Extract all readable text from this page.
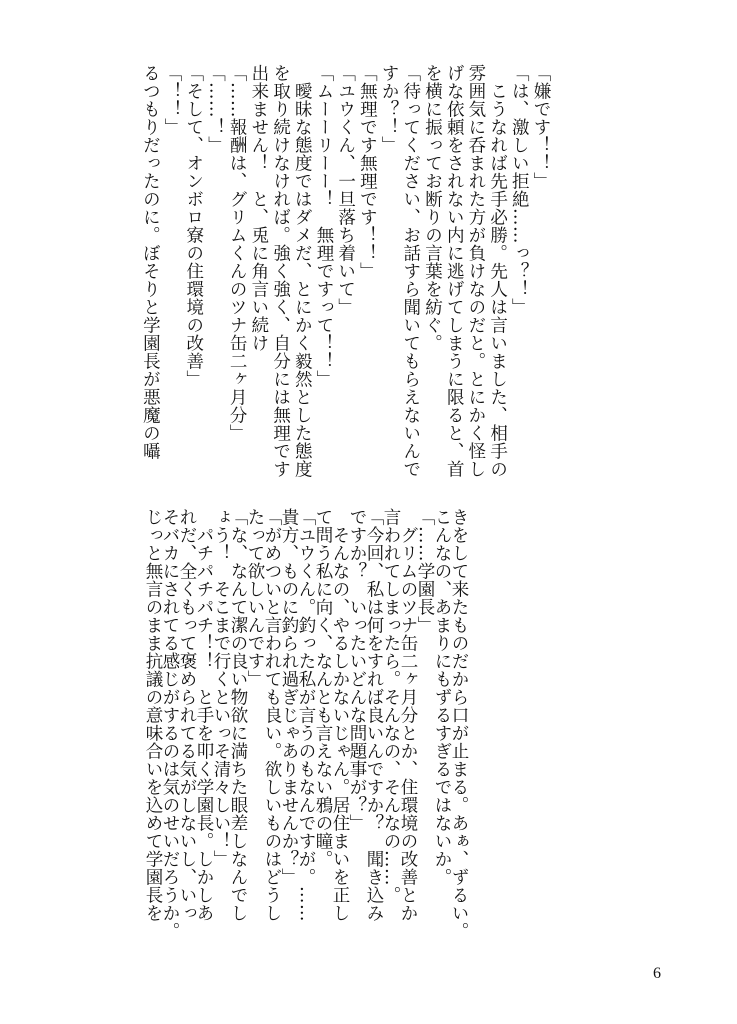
「嫌です！！」
「は、激しい拒絶……っ？！」
　こうなれば先手必勝。先人は言いました、相手の
雰囲気に呑まれた方が負けなのだと。とにかく怪し
げな依頼をされない内に逃げてしまうに限ると、首
を横に振ってお断りの言葉を紡ぐ。
「待ってください、お話すら聞いてもらえないんで
すか？！」
「無理です無理です！！」
「ユウくん、一旦落ち着いて」
「ムーーリーー！　無理ですって！！」
　曖昧な態度ではダメだ、とにかく毅然とした態度
を取り続けなければ。強く強く、自分には無理です
出来ません！　と、兎に角言い続け
「……報酬は、グリムくんのツナ缶二ヶ月分」
「……！」
「そして、オンボロ寮の住環境の改善」
「！！」
るつもりだったのに。ぼそりと学園長が悪魔の囁
きをして来たものだから口が止まる。あぁ、ずるい。
こんなの、あまりにもずるすぎるではないか。
「……学園長」
　グリムのツナ缶二ヶ月分とか、住環境の改善とか
言われてしまったら。そんなの、そんなの……。
「今回、私は何をすれば良いんですか？　聞き込み
ですか？　いったいどんな問題事が？」
　そんなの、やるしかないじゃん。居住まいを正し
て問う私に向く、なんとも言えない鴉の瞳。
「ユウくん。釣った私が言うのもなんですが。……
貴方、ものに釣られ過ぎじゃありませんか？」
「がめついと言われても良い。欲しいものはどうし
たって欲しいんです」
「な、なんて潔の良い物欲に満ちた眼差しなんでし
ょう！　そこまで行くといっそ清々しい！」
　パチパチパチ！！　と手を叩く学園長。しかしあ
れだ、全くもって褒められてる気がしないし、いっ
そバカにされてる感じがするのは気のせいだろうか。
じっと無言のまま抗議の意味合いを込めて学園長を
6
